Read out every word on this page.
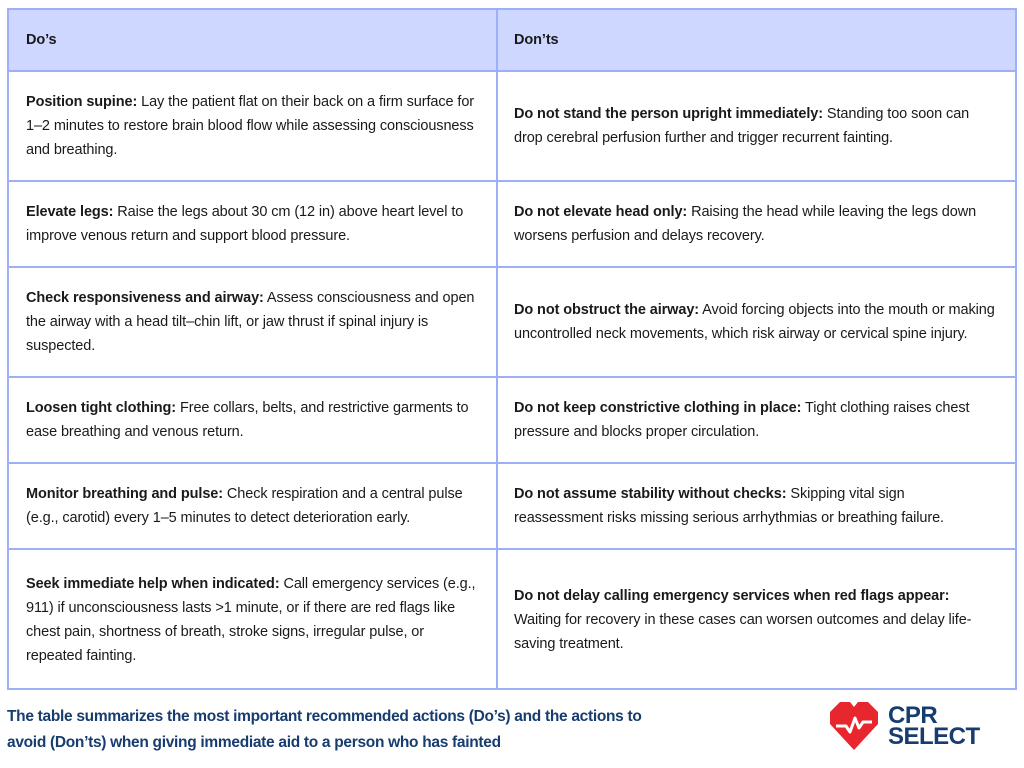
Do’s	Don’ts
Position supine: Lay the patient flat on their back on a firm surface for 1–2 minutes to restore brain blood flow while assessing consciousness and breathing.
Do not stand the person upright immediately: Standing too soon can drop cerebral perfusion further and trigger recurrent fainting.
Elevate legs: Raise the legs about 30 cm (12 in) above heart level to improve venous return and support blood pressure.
Do not elevate head only: Raising the head while leaving the legs down worsens perfusion and delays recovery.
Check responsiveness and airway: Assess consciousness and open the airway with a head tilt–chin lift, or jaw thrust if spinal injury is suspected.
Do not obstruct the airway: Avoid forcing objects into the mouth or making uncontrolled neck movements, which risk airway or cervical spine injury.
Loosen tight clothing: Free collars, belts, and restrictive garments to ease breathing and venous return.
Do not keep constrictive clothing in place: Tight clothing raises chest pressure and blocks proper circulation.
Monitor breathing and pulse: Check respiration and a central pulse (e.g., carotid) every 1–5 minutes to detect deterioration early.
Do not assume stability without checks: Skipping vital sign reassessment risks missing serious arrhythmias or breathing failure.
Seek immediate help when indicated: Call emergency services (e.g., 911) if unconsciousness lasts >1 minute, or if there are red flags like chest pain, shortness of breath, stroke signs, irregular pulse, or repeated fainting.
Do not delay calling emergency services when red flags appear: Waiting for recovery in these cases can worsen outcomes and delay life-saving treatment.
The table summarizes the most important recommended actions (Do’s) and the actions to avoid (Don’ts) when giving immediate aid to a person who has fainted
CPR
SELECT
